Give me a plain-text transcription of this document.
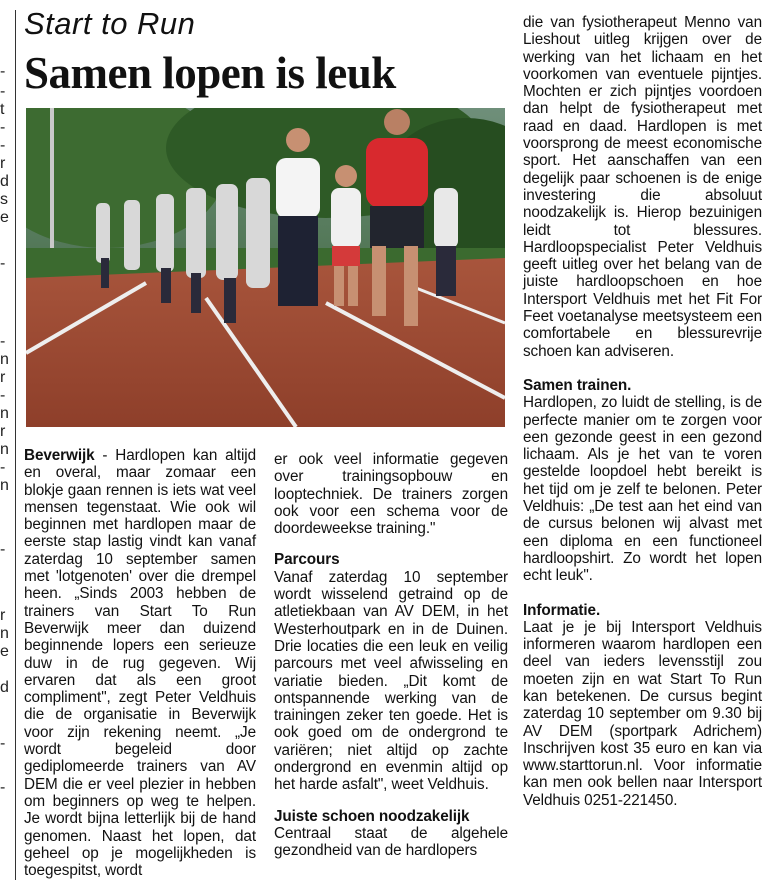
-
-
t
-
-
r
d
s
e
-
-
n
r
-
n
r
n
-
n
-
r
n
e
d
-
-
Start to Run
Samen lopen is leuk

Beverwijk - Hardlopen kan altijd en overal, maar zomaar een blokje gaan rennen is iets wat veel mensen tegenstaat. Wie ook wil beginnen met hardlopen maar de eerste stap lastig vindt kan vanaf zaterdag 10 september samen met 'lotgenoten' over die drempel heen. „Sinds 2003 hebben de trainers van Start To Run Beverwijk meer dan duizend beginnende lopers een serieuze duw in de rug gegeven. Wij ervaren dat als een groot compliment", zegt Peter Veldhuis die de organisatie in Beverwijk voor zijn rekening neemt. „Je wordt begeleid door gediplomeerde trainers van AV DEM die er veel plezier in hebben om beginners op weg te helpen. Je wordt bijna letterlijk bij de hand genomen. Naast het lopen, dat geheel op je mogelijkheden is toegespitst, wordt

er ook veel informatie gegeven over trainingsopbouw en looptechniek. De trainers zorgen ook voor een schema voor de doordeweekse training."

Parcours

Vanaf zaterdag 10 september wordt wisselend getraind op de atletiekbaan van AV DEM, in het Westerhoutpark en in de Duinen. Drie locaties die een leuk en veilig parcours met veel afwisseling en variatie bieden. „Dit komt de ontspannende werking van de trainingen zeker ten goede. Het is ook goed om de ondergrond te variëren; niet altijd op zachte ondergrond en evenmin altijd op het harde asfalt", weet Veldhuis.

Juiste schoen noodzakelijk

Centraal staat de algehele gezondheid van de hardlopers

die van fysiotherapeut Menno van Lieshout uitleg krijgen over de werking van het lichaam en het voorkomen van eventuele pijntjes. Mochten er zich pijntjes voordoen dan helpt de fysiotherapeut met raad en daad. Hardlopen is met voorsprong de meest economische sport. Het aanschaffen van een degelijk paar schoenen is de enige investering die absoluut noodzakelijk is. Hierop bezuinigen leidt tot blessures. Hardloopspecialist Peter Veldhuis geeft uitleg over het belang van de juiste hardloopschoen en hoe Intersport Veldhuis met het Fit For Feet voetanalyse meetsysteem een comfortabele en blessurevrije schoen kan adviseren.

Samen trainen.

Hardlopen, zo luidt de stelling, is de perfecte manier om te zorgen voor een gezonde geest in een gezond lichaam. Als je het van te voren gestelde loopdoel hebt bereikt is het tijd om je zelf te belonen. Peter Veldhuis: „De test aan het eind van de cursus belonen wij alvast met een diploma en een functioneel hardloopshirt. Zo wordt het lopen echt leuk".

Informatie.

Laat je je bij Intersport Veldhuis informeren waarom hardlopen een deel van ieders levensstijl zou moeten zijn en wat Start To Run kan betekenen. De cursus begint zaterdag 10 september om 9.30 bij AV DEM (sportpark Adrichem) Inschrijven kost 35 euro en kan via www.starttorun.nl. Voor informatie kan men ook bellen naar Intersport Veldhuis 0251-221450.
